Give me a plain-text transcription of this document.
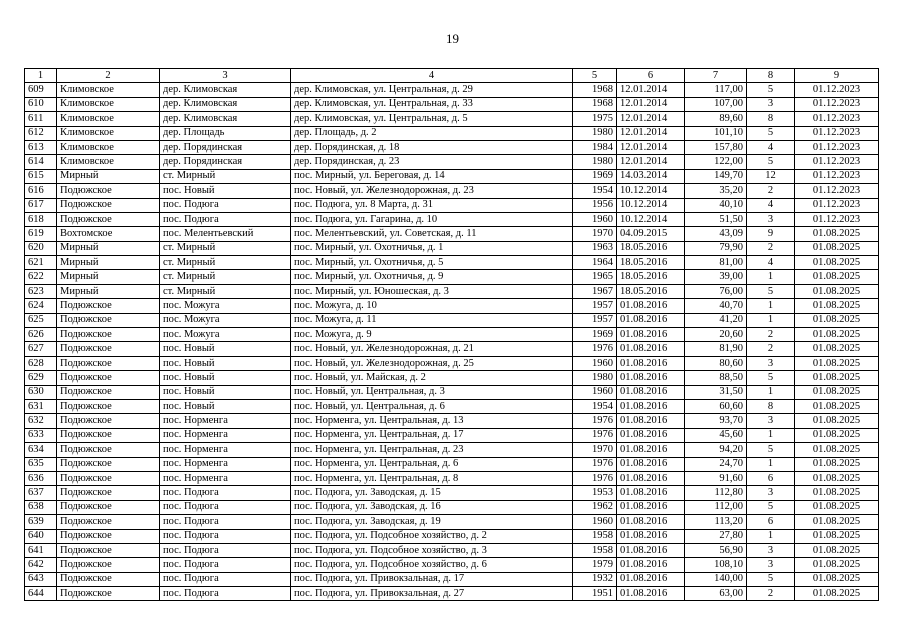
19
1	2	3	4	5	6	7	8	9
609	Климовское	дер. Климовская	дер. Климовская, ул. Центральная, д. 29	1968	12.01.2014	117,00	5	01.12.2023
610	Климовское	дер. Климовская	дер. Климовская, ул. Центральная, д. 33	1968	12.01.2014	107,00	3	01.12.2023
611	Климовское	дер. Климовская	дер. Климовская, ул. Центральная, д. 5	1975	12.01.2014	89,60	8	01.12.2023
612	Климовское	дер. Площадь	дер. Площадь, д. 2	1980	12.01.2014	101,10	5	01.12.2023
613	Климовское	дер. Порядинская	дер. Порядинская, д. 18	1984	12.01.2014	157,80	4	01.12.2023
614	Климовское	дер. Порядинская	дер. Порядинская, д. 23	1980	12.01.2014	122,00	5	01.12.2023
615	Мирный	ст. Мирный	пос. Мирный, ул. Береговая, д. 14	1969	14.03.2014	149,70	12	01.12.2023
616	Подюжское	пос. Новый	пос. Новый, ул. Железнодорожная, д. 23	1954	10.12.2014	35,20	2	01.12.2023
617	Подюжское	пос. Подюга	пос. Подюга, ул. 8 Марта, д. 31	1956	10.12.2014	40,10	4	01.12.2023
618	Подюжское	пос. Подюга	пос. Подюга, ул. Гагарина, д. 10	1960	10.12.2014	51,50	3	01.12.2023
619	Вохтомское	пос. Мелентьевский	пос. Мелентьевский, ул. Советская, д. 11	1970	04.09.2015	43,09	9	01.08.2025
620	Мирный	ст. Мирный	пос. Мирный, ул. Охотничья, д. 1	1963	18.05.2016	79,90	2	01.08.2025
621	Мирный	ст. Мирный	пос. Мирный, ул. Охотничья, д. 5	1964	18.05.2016	81,00	4	01.08.2025
622	Мирный	ст. Мирный	пос. Мирный, ул. Охотничья, д. 9	1965	18.05.2016	39,00	1	01.08.2025
623	Мирный	ст. Мирный	пос. Мирный, ул. Юношеская, д. 3	1967	18.05.2016	76,00	5	01.08.2025
624	Подюжское	пос. Можуга	пос. Можуга, д. 10	1957	01.08.2016	40,70	1	01.08.2025
625	Подюжское	пос. Можуга	пос. Можуга, д. 11	1957	01.08.2016	41,20	1	01.08.2025
626	Подюжское	пос. Можуга	пос. Можуга, д. 9	1969	01.08.2016	20,60	2	01.08.2025
627	Подюжское	пос. Новый	пос. Новый, ул. Железнодорожная, д. 21	1976	01.08.2016	81,90	2	01.08.2025
628	Подюжское	пос. Новый	пос. Новый, ул. Железнодорожная, д. 25	1960	01.08.2016	80,60	3	01.08.2025
629	Подюжское	пос. Новый	пос. Новый, ул. Майская, д. 2	1980	01.08.2016	88,50	5	01.08.2025
630	Подюжское	пос. Новый	пос. Новый, ул. Центральная, д. 3	1960	01.08.2016	31,50	1	01.08.2025
631	Подюжское	пос. Новый	пос. Новый, ул. Центральная, д. 6	1954	01.08.2016	60,60	8	01.08.2025
632	Подюжское	пос. Норменга	пос. Норменга, ул. Центральная, д. 13	1976	01.08.2016	93,70	3	01.08.2025
633	Подюжское	пос. Норменга	пос. Норменга, ул. Центральная, д. 17	1976	01.08.2016	45,60	1	01.08.2025
634	Подюжское	пос. Норменга	пос. Норменга, ул. Центральная, д. 23	1970	01.08.2016	94,20	5	01.08.2025
635	Подюжское	пос. Норменга	пос. Норменга, ул. Центральная, д. 6	1976	01.08.2016	24,70	1	01.08.2025
636	Подюжское	пос. Норменга	пос. Норменга, ул. Центральная, д. 8	1976	01.08.2016	91,60	6	01.08.2025
637	Подюжское	пос. Подюга	пос. Подюга, ул. Заводская, д. 15	1953	01.08.2016	112,80	3	01.08.2025
638	Подюжское	пос. Подюга	пос. Подюга, ул. Заводская, д. 16	1962	01.08.2016	112,00	5	01.08.2025
639	Подюжское	пос. Подюга	пос. Подюга, ул. Заводская, д. 19	1960	01.08.2016	113,20	6	01.08.2025
640	Подюжское	пос. Подюга	пос. Подюга, ул. Подсобное хозяйство, д. 2	1958	01.08.2016	27,80	1	01.08.2025
641	Подюжское	пос. Подюга	пос. Подюга, ул. Подсобное хозяйство, д. 3	1958	01.08.2016	56,90	3	01.08.2025
642	Подюжское	пос. Подюга	пос. Подюга, ул. Подсобное хозяйство, д. 6	1979	01.08.2016	108,10	3	01.08.2025
643	Подюжское	пос. Подюга	пос. Подюга, ул. Привокзальная, д. 17	1932	01.08.2016	140,00	5	01.08.2025
644	Подюжское	пос. Подюга	пос. Подюга, ул. Привокзальная, д. 27	1951	01.08.2016	63,00	2	01.08.2025
